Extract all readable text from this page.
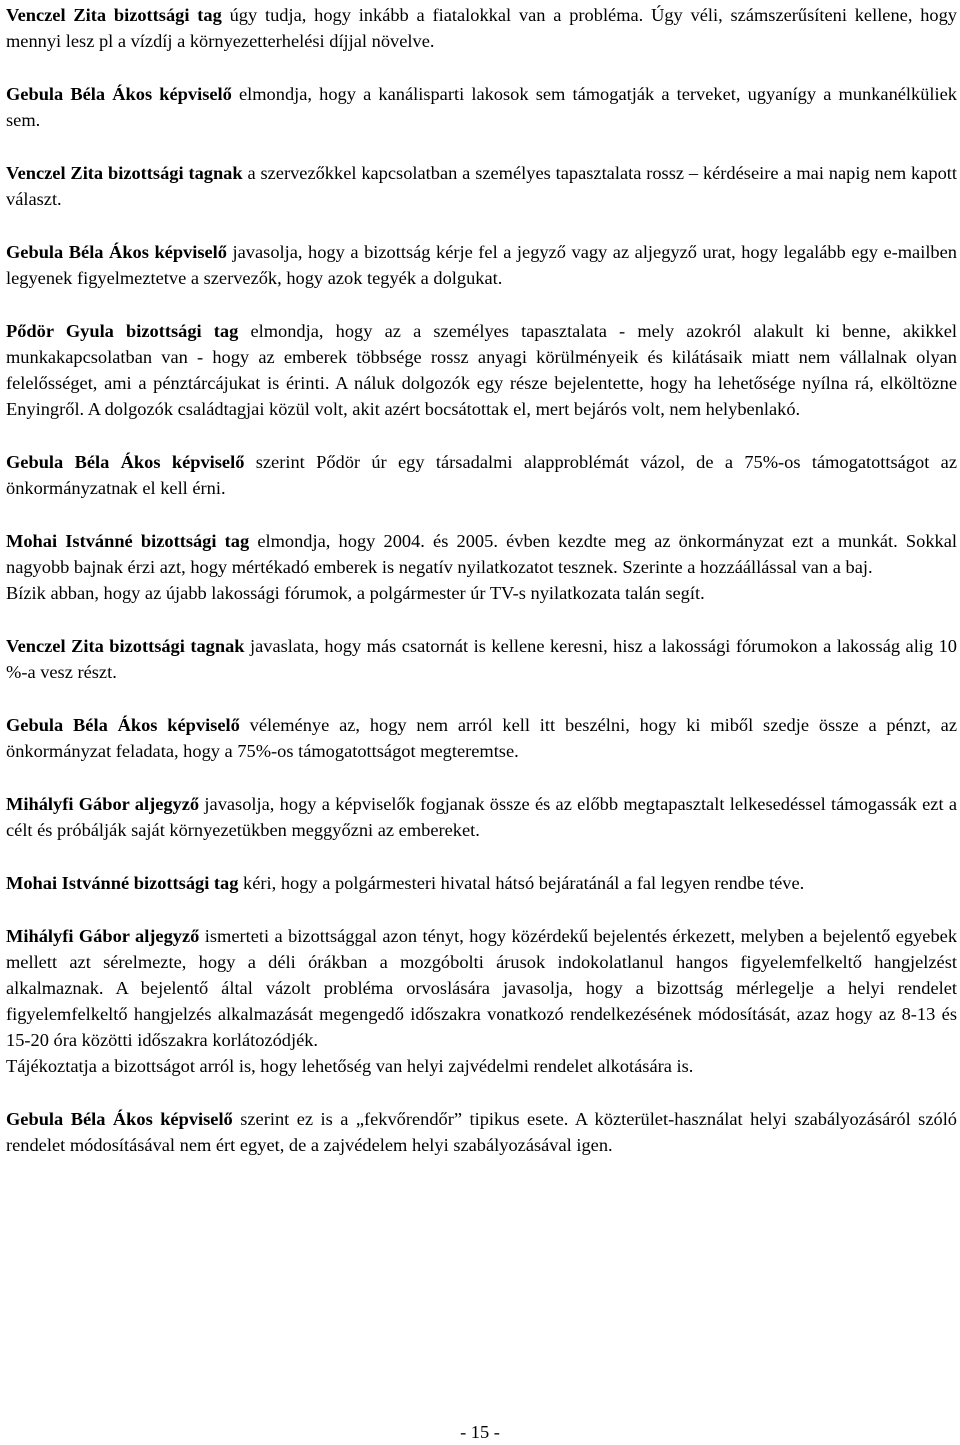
Venczel Zita bizottsági tag úgy tudja, hogy inkább a fiatalokkal van a probléma. Úgy véli, számszerűsíteni kellene, hogy mennyi lesz pl a vízdíj a környezetterhelési díjjal növelve.

Gebula Béla Ákos képviselő elmondja, hogy a kanálisparti lakosok sem támogatják a terveket, ugyanígy a munkanélküliek sem.

Venczel Zita bizottsági tagnak a szervezőkkel kapcsolatban a személyes tapasztalata rossz – kérdéseire a mai napig nem kapott választ.

Gebula Béla Ákos képviselő javasolja, hogy a bizottság kérje fel a jegyző vagy az aljegyző urat, hogy legalább egy e-mailben legyenek figyelmeztetve a szervezők, hogy azok tegyék a dolgukat.

Pődör Gyula bizottsági tag elmondja, hogy az a személyes tapasztalata - mely azokról alakult ki benne, akikkel munkakapcsolatban van - hogy az emberek többsége rossz anyagi körülményeik és kilátásaik miatt nem vállalnak olyan felelősséget, ami a pénztárcájukat is érinti. A náluk dolgozók egy része bejelentette, hogy ha lehetősége nyílna rá, elköltözne Enyingről. A dolgozók családtagjai közül volt, akit azért bocsátottak el, mert bejárós volt, nem helybenlakó.

Gebula Béla Ákos képviselő szerint Pődör úr egy társadalmi alapproblémát vázol, de a 75%-os támogatottságot az önkormányzatnak el kell érni.

Mohai Istvánné bizottsági tag elmondja, hogy 2004. és 2005. évben kezdte meg az önkormányzat ezt a munkát. Sokkal nagyobb bajnak érzi azt, hogy mértékadó emberek is negatív nyilatkozatot tesznek. Szerinte a hozzáállással van a baj.

Bízik abban, hogy az újabb lakossági fórumok, a polgármester úr TV-s nyilatkozata talán segít.

Venczel Zita bizottsági tagnak javaslata, hogy más csatornát is kellene keresni, hisz a lakossági fórumokon a lakosság alig 10 %-a vesz részt.

Gebula Béla Ákos képviselő véleménye az, hogy nem arról kell itt beszélni, hogy ki miből szedje össze a pénzt, az önkormányzat feladata, hogy a 75%-os támogatottságot megteremtse.

Mihályfi Gábor aljegyző javasolja, hogy a képviselők fogjanak össze és az előbb megtapasztalt lelkesedéssel támogassák ezt a célt és próbálják saját környezetükben meggyőzni az embereket.

Mohai Istvánné bizottsági tag kéri, hogy a polgármesteri hivatal hátsó bejáratánál a fal legyen rendbe téve.

Mihályfi Gábor aljegyző ismerteti a bizottsággal azon tényt, hogy közérdekű bejelentés érkezett, melyben a bejelentő egyebek mellett azt sérelmezte, hogy a déli órákban a mozgóbolti árusok indokolatlanul hangos figyelemfelkeltő hangjelzést alkalmaznak. A bejelentő által vázolt probléma orvoslására javasolja, hogy a bizottság mérlegelje a helyi rendelet figyelemfelkeltő hangjelzés alkalmazását megengedő időszakra vonatkozó rendelkezésének módosítását, azaz hogy az 8-13 és 15-20 óra közötti időszakra korlátozódjék.

Tájékoztatja a bizottságot arról is, hogy lehetőség van helyi zajvédelmi rendelet alkotására is.

Gebula Béla Ákos képviselő szerint ez is a „fekvőrendőr” tipikus esete. A közterület-használat helyi szabályozásáról szóló rendelet módosításával nem ért egyet, de a zajvédelem helyi szabályozásával igen.

- 15 -
